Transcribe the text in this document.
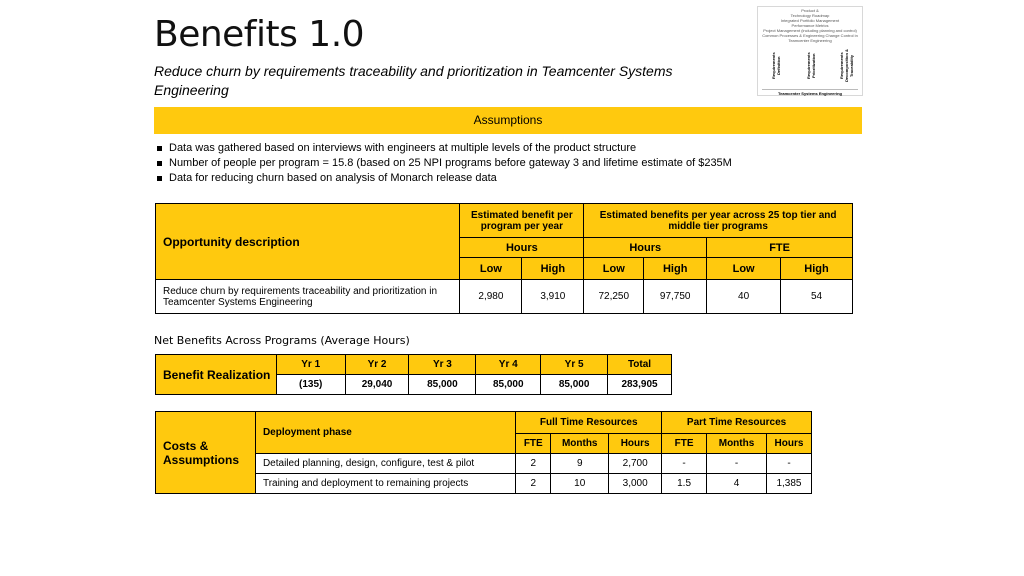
Benefits 1.0
Reduce churn by requirements traceability and prioritization in Teamcenter Systems Engineering
Product &
Technology Roadmap
Integrated Portfolio Management
Performance Metrics
Project Management (including planning and control)
Common Processes & Engineering Change Control in
Teamcenter Engineering
Requirements Definition	Requirements Prioritization	Requirements Decomposition & Traceability
Teamcenter Systems Engineering
Assumptions
Data was gathered based on interviews with engineers at multiple levels of the product structure
Number of people per program = 15.8 (based on 25 NPI programs before gateway 3 and lifetime estimate of $235M
Data for reducing churn based on analysis of Monarch release data
Opportunity description	Estimated benefit per program per year		Estimated benefits per year across 25 top tier and middle tier programs			
	Hours		Hours		FTE	
	Low	High	Low	High	Low	High
Reduce churn by requirements traceability and prioritization in Teamcenter Systems Engineering	2,980	3,910	72,250	97,750	40	54
Net Benefits Across Programs (Average Hours)
Benefit Realization	Yr 1	Yr 2	Yr 3	Yr 4	Yr 5	Total
	(135)	29,040	85,000	85,000	85,000	283,905
Costs & Assumptions	Deployment phase	Full Time Resources			Part Time Resources		
		FTE	Months	Hours	FTE	Months	Hours
	Detailed planning, design, configure, test & pilot	2	9	2,700	-	-	-
	Training and deployment to remaining projects	2	10	3,000	1.5	4	1,385
